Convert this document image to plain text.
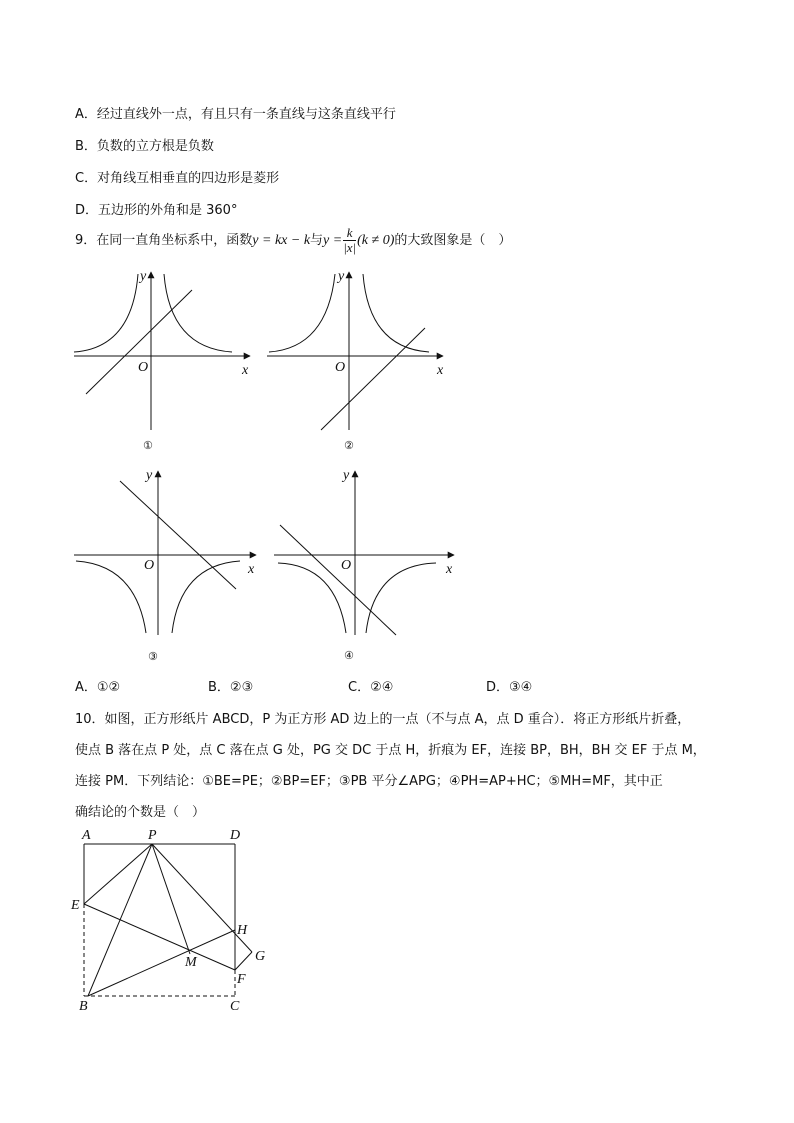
A．经过直线外一点，有且只有一条直线与这条直线平行
B．负数的立方根是负数
C．对角线互相垂直的四边形是菱形
D．五边形的外角和是 360°
9．在同一直角坐标系中，函数y = kx − k与$y = \frac{k}{|x|} (k \ne 0)$的大致图象是（　）
O	x
y
①
O	x
y
②
O	x
y
③
O	x
y
④
A．①②	B．②③	C．②④	D．③④
10．如图，正方形纸片 ABCD，P 为正方形 AD 边上的一点（不与点 A，点 D 重合）．将正方形纸片折叠，
使点 B 落在点 P 处，点 C 落在点 G 处，PG 交 DC 于点 H，折痕为 EF，连接 BP，BH，BH 交 EF 于点 M，
连接 PM．下列结论：①BE=PE；②BP=EF；③PB 平分∠APG；④PH=AP+HC；⑤MH=MF，其中正
确结论的个数是（　）
A	P	D
E
H
M	G
F
B	C
